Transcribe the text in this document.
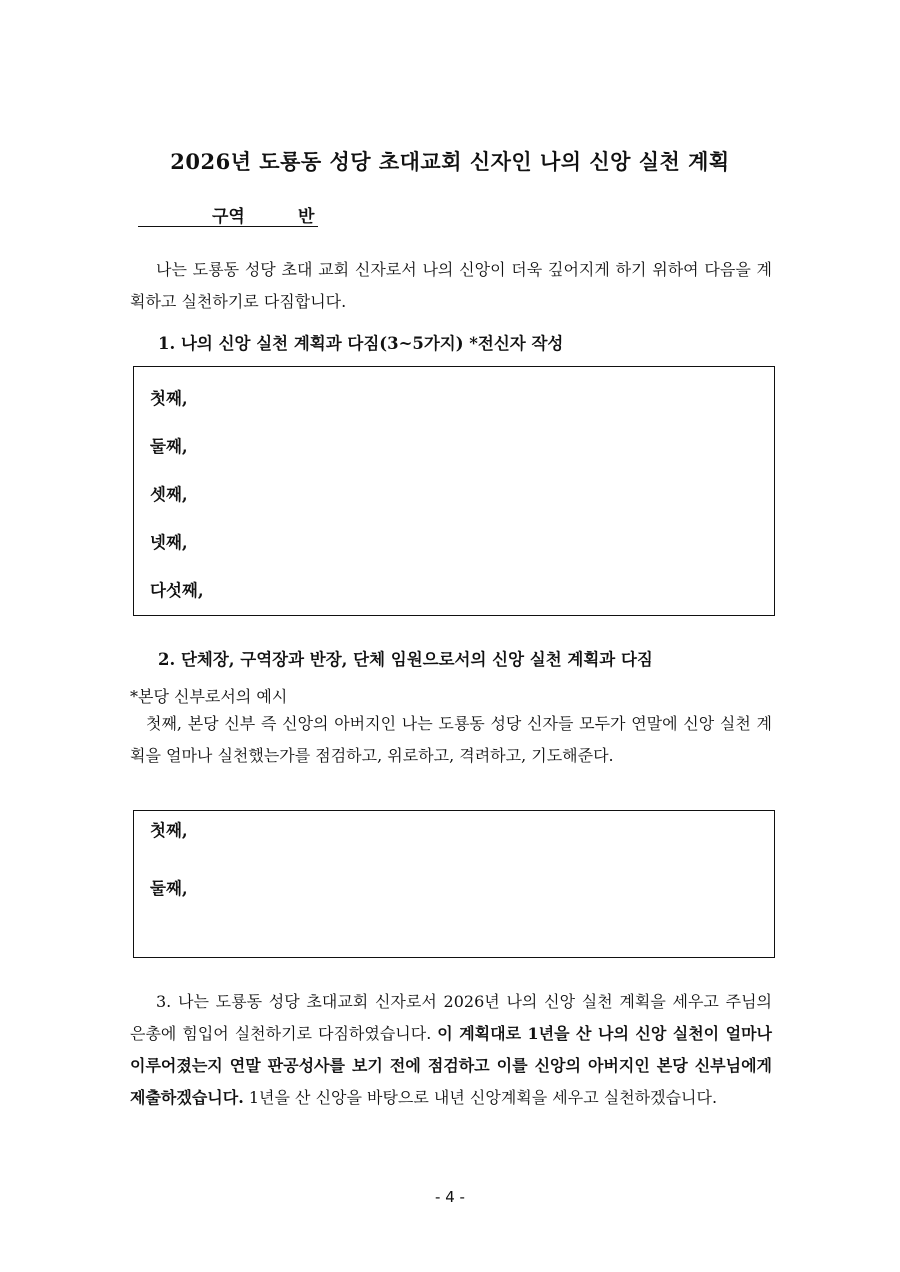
2026년 도룡동 성당 초대교회 신자인 나의 신앙 실천 계획
구역	반

나는 도룡동 성당 초대 교회 신자로서 나의 신앙이 더욱 깊어지게 하기 위하여 다음을 계획하고 실천하기로 다짐합니다.

1. 나의 신앙 실천 계획과 다짐(3~5가지) *전신자 작성
첫째,
둘째,
셋째,
넷째,
다섯째,
2. 단체장, 구역장과 반장, 단체 임원으로서의 신앙 실천 계획과 다짐
*본당 신부로서의 예시

첫째, 본당 신부 즉 신앙의 아버지인 나는 도룡동 성당 신자들 모두가 연말에 신앙 실천 계획을 얼마나 실천했는가를 점검하고, 위로하고, 격려하고, 기도해준다.

첫째,
둘째,

3. 나는 도룡동 성당 초대교회 신자로서 2026년 나의 신앙 실천 계획을 세우고 주님의 은총에 힘입어 실천하기로 다짐하였습니다. 이 계획대로 1년을 산 나의 신앙 실천이 얼마나 이루어졌는지 연말 판공성사를 보기 전에 점검하고 이를 신앙의 아버지인 본당 신부님에게 제출하겠습니다. 1년을 산 신앙을 바탕으로 내년 신앙계획을 세우고 실천하겠습니다.

- 4 -
